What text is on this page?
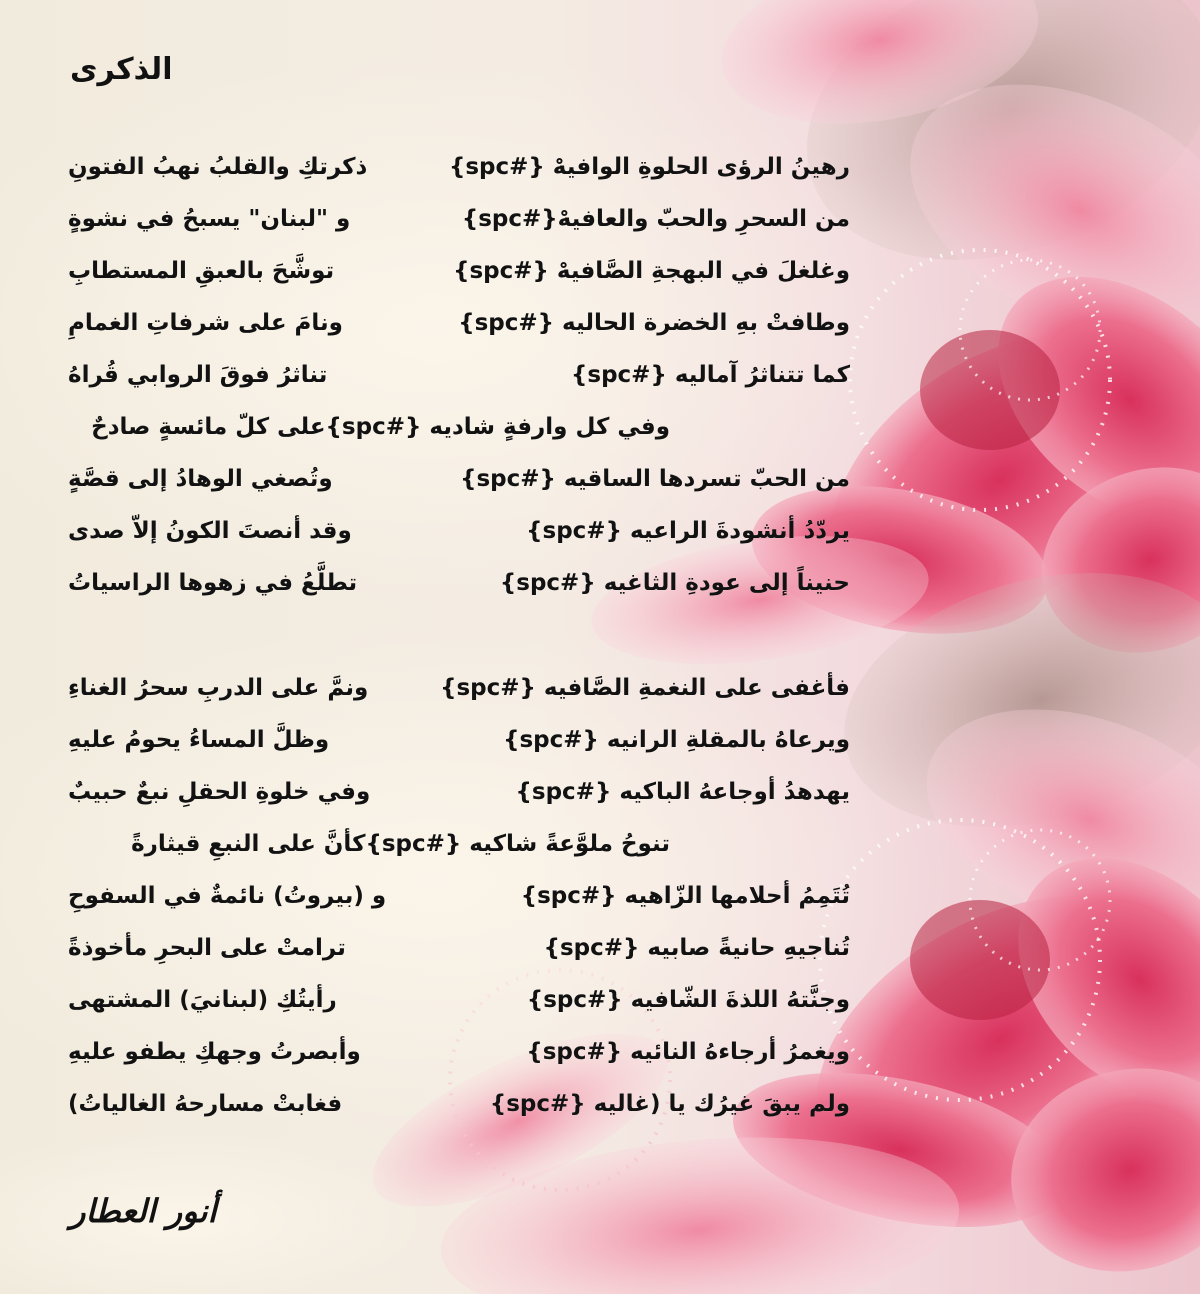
الذكرى
رهينُ الرؤى الحلوةِ الوافيهْ {#spc}
ذكرتكِ والقلبُ نهبُ الفتونِ
من السحرِ والحبّ والعافيهْ{#spc}
و "لبنان" يسبحُ في نشوةٍ
وغلغلَ في البهجةِ الصَّافيهْ {#spc}
توشَّحَ بالعبقِ المستطابِ
وطافتْ بهِ الخضرة الحاليه {#spc}
ونامَ على شرفاتِ الغمامِ
كما تتناثرُ آماليه {#spc}
تناثرُ فوقَ الروابي قُراهُ
وفي كل وارفةٍ شاديه {#spc}على كلّ مائسةٍ صادحٌ
من الحبّ تسردها الساقيه {#spc}
وتُصغي الوهادُ إلى قصَّةٍ
يردّدُ أنشودةَ الراعيه {#spc}
وقد أنصتَ الكونُ إلاّ صدى
حنيناً إلى عودةِ الثاغيه {#spc}
تطلَّعُ في زهوها الراسياتُ
فأغفى على النغمةِ الصَّافيه {#spc}
ونمَّ على الدربِ سحرُ الغناءِ
ويرعاهُ بالمقلةِ الرانيه {#spc}
وظلَّ المساءُ يحومُ عليهِ
يهدهدُ أوجاعهُ الباكيه {#spc}
وفي خلوةِ الحقلِ نبعٌ حبيبٌ
تنوحُ ملوَّعةً شاكيه {#spc}كأنَّ على النبعِ قيثارةً
تُتَمِمُ أحلامها الزّاهيه {#spc}
و (بيروتُ) نائمةٌ في السفوحِ
تُناجيهِ حانيةً صابيه {#spc}
ترامتْ على البحرِ مأخوذةً
وجنَّتهُ اللذةَ الشّافيه {#spc}
رأيتُكِ (لبنانيَ) المشتهى
ويغمرُ أرجاءهُ النائيه {#spc}
وأبصرتُ وجهكِ يطفو عليهِ
ولم يبقَ غيرُك يا (غاليه {#spc}
فغابتْ مسارحهُ الغالياتُ)

أنور العطار
